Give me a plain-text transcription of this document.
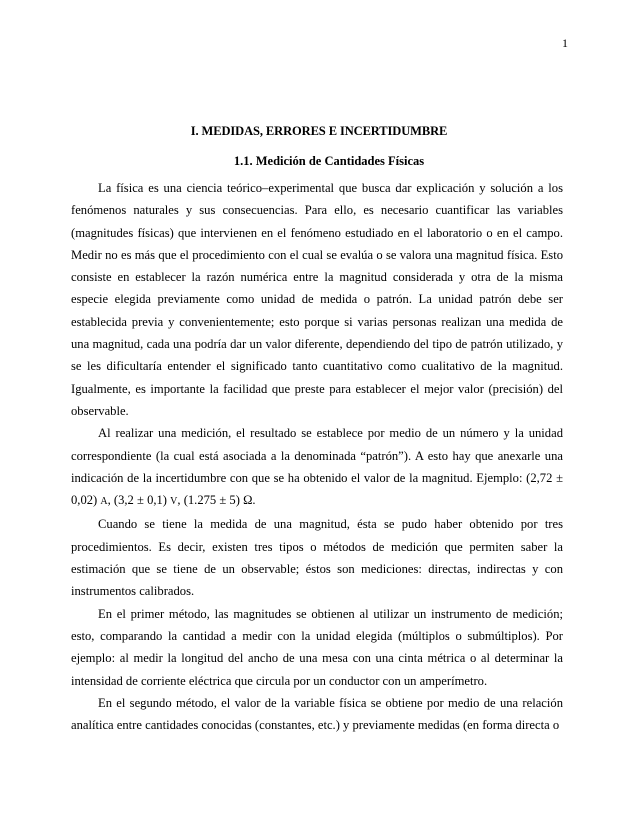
1
I. MEDIDAS, ERRORES E INCERTIDUMBRE
1.1. Medición de Cantidades Físicas

La física es una ciencia teórico–experimental que busca dar explicación y solución a los fenómenos naturales y sus consecuencias. Para ello, es necesario cuantificar las variables (magnitudes físicas) que intervienen en el fenómeno estudiado en el laboratorio o en el campo. Medir no es más que el procedimiento con el cual se evalúa o se valora una magnitud física. Esto consiste en establecer la razón numérica entre la magnitud considerada y otra de la misma especie elegida previamente como unidad de medida o patrón. La unidad patrón debe ser establecida previa y convenientemente; esto porque si varias personas realizan una medida de una magnitud, cada una podría dar un valor diferente, dependiendo del tipo de patrón utilizado, y se les dificultaría entender el significado tanto cuantitativo como cualitativo de la magnitud. Igualmente, es importante la facilidad que preste para establecer el mejor valor (precisión) del observable.

Al realizar una medición, el resultado se establece por medio de un número y la unidad correspondiente (la cual está asociada a la denominada “patrón”). A esto hay que anexarle una indicación de la incertidumbre con que se ha obtenido el valor de la magnitud. Ejemplo: (2,72 ± 0,02) A, (3,2 ± 0,1) V, (1.275 ± 5) Ω.

Cuando se tiene la medida de una magnitud, ésta se pudo haber obtenido por tres procedimientos. Es decir, existen tres tipos o métodos de medición que permiten saber la estimación que se tiene de un observable; éstos son mediciones: directas, indirectas y con instrumentos calibrados.

En el primer método, las magnitudes se obtienen al utilizar un instrumento de medición; esto, comparando la cantidad a medir con la unidad elegida (múltiplos o submúltiplos). Por ejemplo: al medir la longitud del ancho de una mesa con una cinta métrica o al determinar la intensidad de corriente eléctrica que circula por un conductor con un amperímetro.

En el segundo método, el valor de la variable física se obtiene por medio de una relación analítica entre cantidades conocidas (constantes, etc.) y previamente medidas (en forma directa o
